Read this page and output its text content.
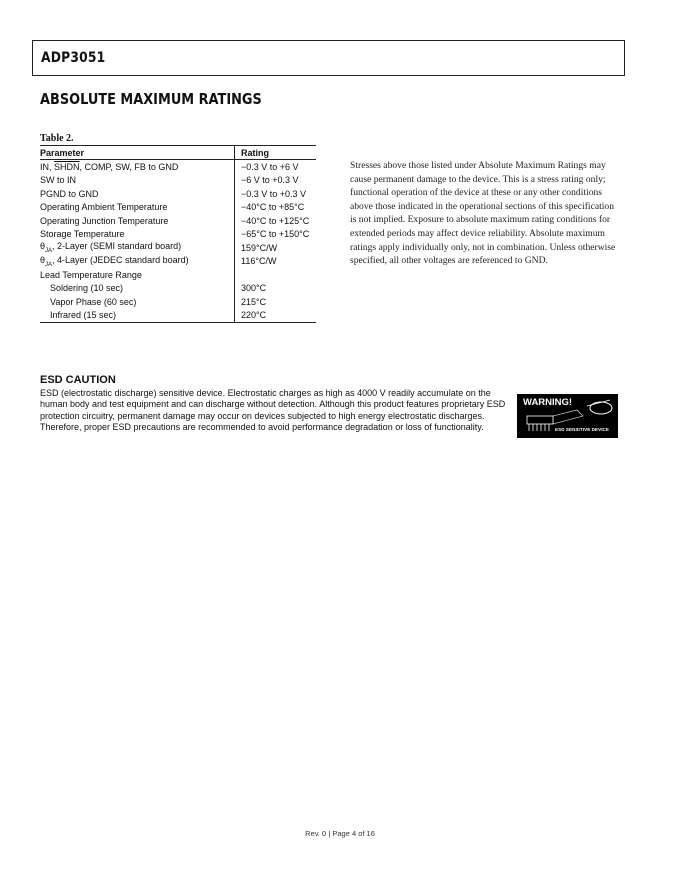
ADP3051
ABSOLUTE MAXIMUM RATINGS
Table 2.
Parameter	Rating
IN, SHDN, COMP, SW, FB to GND	−0.3 V to +6 V
SW to IN	−6 V to +0.3 V
PGND to GND	−0.3 V to +0.3 V
Operating Ambient Temperature	−40°C to +85°C
Operating Junction Temperature	−40°C to +125°C
Storage Temperature	−65°C to +150°C
$\theta_{JA}$, 2-Layer (SEMI standard board)	159°C/W
$\theta_{JA}$, 4-Layer (JEDEC standard board)	116°C/W
Lead Temperature Range	
Soldering (10 sec)	300°C
Vapor Phase (60 sec)	215°C
Infrared (15 sec)	220°C
Stresses above those listed under Absolute Maximum Ratings may cause permanent damage to the device. This is a stress rating only; functional operation of the device at these or any other conditions above those indicated in the operational sections of this specification is not implied. Exposure to absolute maximum rating conditions for extended periods may affect device reliability. Absolute maximum ratings apply individually only, not in combination. Unless otherwise specified, all other voltages are referenced to GND.
ESD CAUTION
ESD (electrostatic discharge) sensitive device. Electrostatic charges as high as 4000 V readily accumulate on the human body and test equipment and can discharge without detection. Although this product features proprietary ESD protection circuitry, permanent damage may occur on devices subjected to high energy electrostatic discharges. Therefore, proper ESD precautions are recommended to avoid performance degradation or loss of functionality.
WARNING!
ESD SENSITIVE DEVICE
Rev. 0 | Page 4 of 16
